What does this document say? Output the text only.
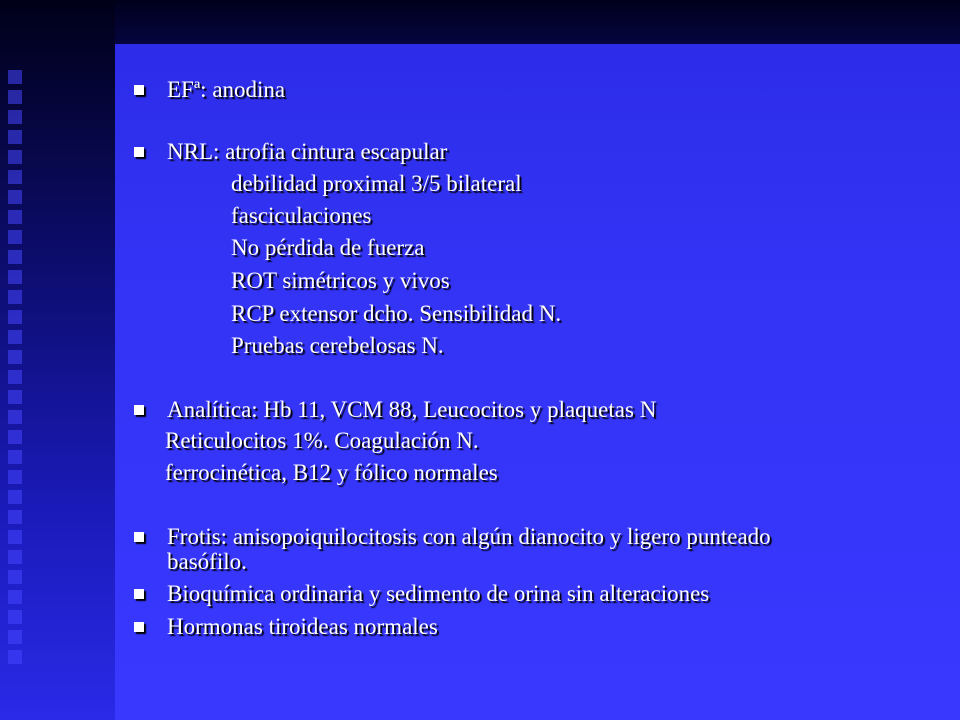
EFª: anodina
NRL: atrofia cintura escapular
debilidad proximal 3/5 bilateral
fasciculaciones
No pérdida de fuerza
ROT simétricos y vivos
RCP extensor dcho. Sensibilidad N.
Pruebas cerebelosas N.
Analítica: Hb 11, VCM 88, Leucocitos y plaquetas N
Reticulocitos 1%. Coagulación N.
ferrocinética, B12 y fólico normales
Frotis: anisopoiquilocitosis con algún dianocito y ligero punteado
basófilo.
Bioquímica ordinaria y sedimento de orina sin alteraciones
Hormonas tiroideas normales
